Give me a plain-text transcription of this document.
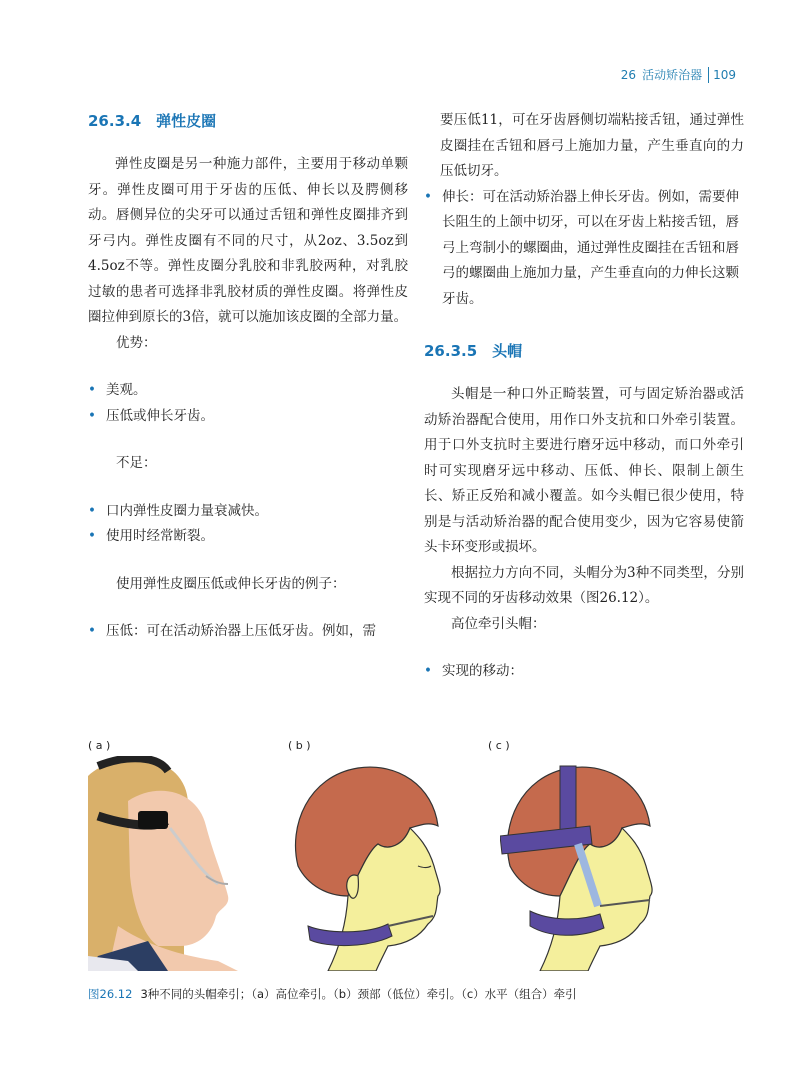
26 活动矫治器 109
26.3.4　弹性皮圈

弹性皮圈是另一种施力部件，主要用于移动单颗牙。弹性皮圈可用于牙齿的压低、伸长以及腭侧移动。唇侧异位的尖牙可以通过舌钮和弹性皮圈排齐到牙弓内。弹性皮圈有不同的尺寸，从2oz、3.5oz到4.5oz不等。弹性皮圈分乳胶和非乳胶两种，对乳胶过敏的患者可选择非乳胶材质的弹性皮圈。将弹性皮圈拉伸到原长的3倍，就可以施加该皮圈的全部力量。

优势：

• 美观。
• 压低或伸长牙齿。

不足：

• 口内弹性皮圈力量衰减快。
• 使用时经常断裂。

使用弹性皮圈压低或伸长牙齿的例子：

• 压低：可在活动矫治器上压低牙齿。例如，需

要压低11，可在牙齿唇侧切端粘接舌钮，通过弹性皮圈挂在舌钮和唇弓上施加力量，产生垂直向的力压低切牙。

• 伸长：可在活动矫治器上伸长牙齿。例如，需要伸长阻生的上颌中切牙，可以在牙齿上粘接舌钮，唇弓上弯制小的螺圈曲，通过弹性皮圈挂在舌钮和唇弓的螺圈曲上施加力量，产生垂直向的力伸长这颗牙齿。
26.3.5　头帽

头帽是一种口外正畸装置，可与固定矫治器或活动矫治器配合使用，用作口外支抗和口外牵引装置。用于口外支抗时主要进行磨牙远中移动，而口外牵引时可实现磨牙远中移动、压低、伸长、限制上颌生长、矫正反殆和减小覆盖。如今头帽已很少使用，特别是与活动矫治器的配合使用变少，因为它容易使箭头卡环变形或损坏。

根据拉力方向不同，头帽分为3种不同类型，分别实现不同的牙齿移动效果（图26.12）。

高位牵引头帽：

• 实现的移动：
( a )	( b )	( c )
图26.12 3种不同的头帽牵引；（a）高位牵引。（b）颈部（低位）牵引。（c）水平（组合）牵引
